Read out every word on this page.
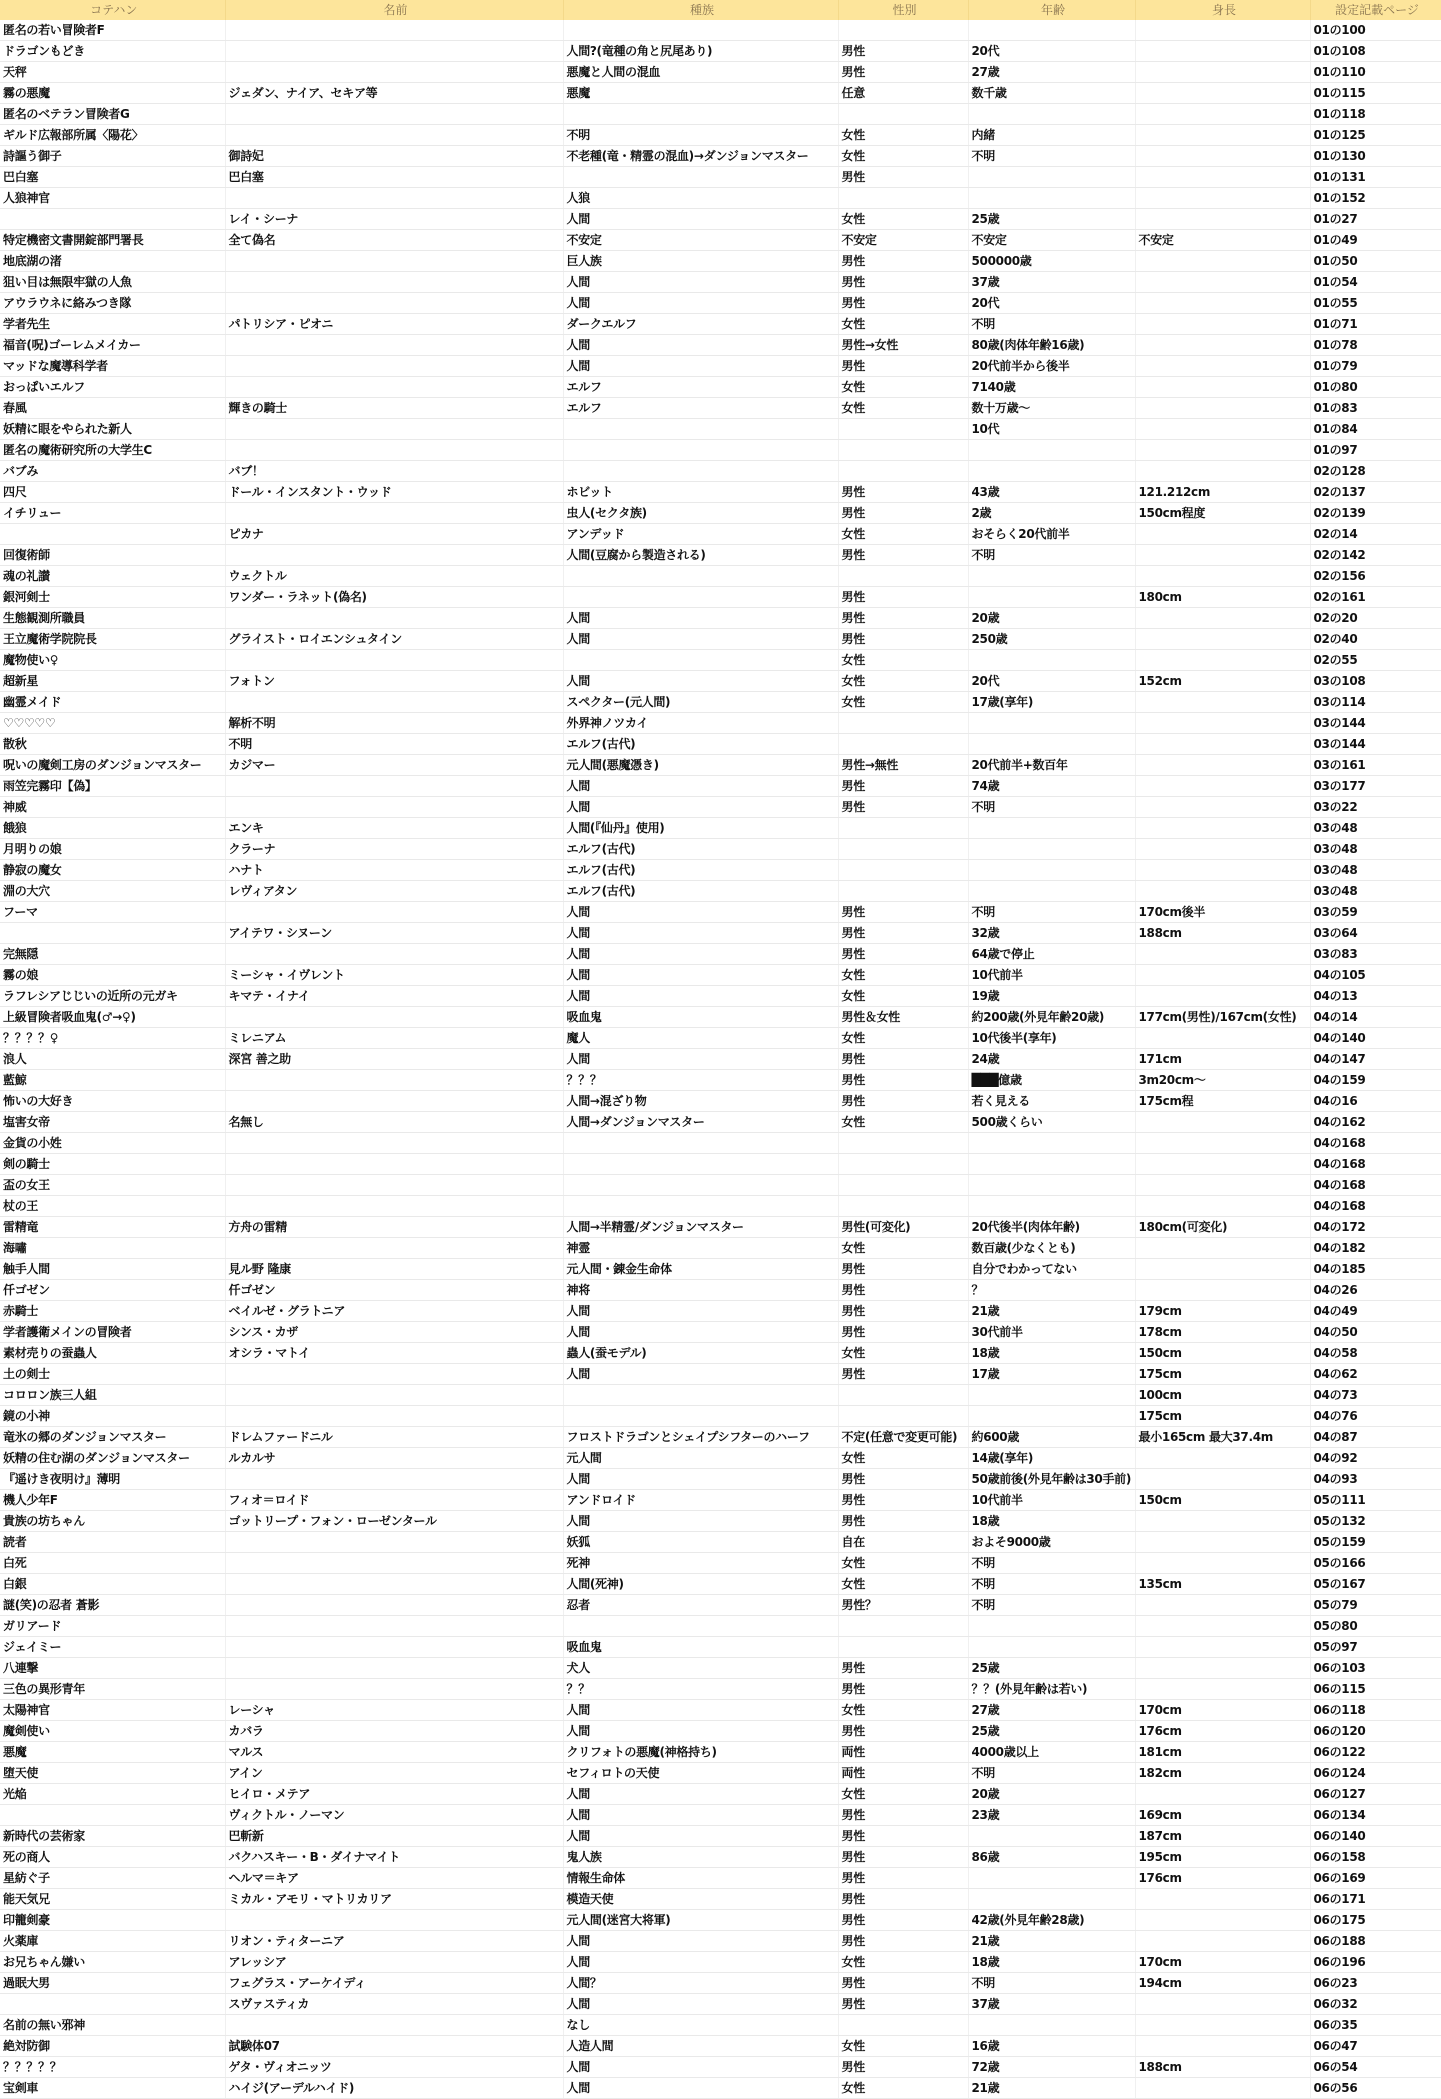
コテハン	名前	種族	性別	年齢	身長	設定記載ページ
匿名の若い冒険者F						01の100
ドラゴンもどき		人間?(竜種の角と尻尾あり)	男性	20代		01の108
天秤		悪魔と人間の混血	男性	27歳		01の110
霧の悪魔	ジェダン、ナイア、セキア等	悪魔	任意	数千歳		01の115
匿名のベテラン冒険者G						01の118
ギルド広報部所属〈陽花〉		不明	女性	内緒		01の125
詩謳う御子	御詩妃	不老種(竜・精霊の混血)→ダンジョンマスター	女性	不明		01の130
巴白塞	巴白塞		男性			01の131
人狼神官		人狼				01の152
	レイ・シーナ	人間	女性	25歳		01の27
特定機密文書開錠部門署長	全て偽名	不安定	不安定	不安定	不安定	01の49
地底湖の渚		巨人族	男性	500000歳		01の50
狙い目は無限牢獄の人魚		人間	男性	37歳		01の54
アウラウネに絡みつき隊		人間	男性	20代		01の55
学者先生	パトリシア・ピオニ	ダークエルフ	女性	不明		01の71
福音(呪)ゴーレムメイカー		人間	男性→女性	80歳(肉体年齢16歳)		01の78
マッドな魔導科学者		人間	男性	20代前半から後半		01の79
おっぱいエルフ		エルフ	女性	7140歳		01の80
春風	輝きの騎士	エルフ	女性	数十万歳〜		01の83
妖精に眼をやられた新人				10代		01の84
匿名の魔術研究所の大学生C						01の97
バブみ	バブ！					02の128
四尺	ドール・インスタント・ウッド	ホビット	男性	43歳	121.212cm	02の137
イチリュー		虫人(セクタ族)	男性	2歳	150cm程度	02の139
	ピカナ	アンデッド	女性	おそらく20代前半		02の14
回復術師		人間(豆腐から製造される)	男性	不明		02の142
魂の礼讃	ウェクトル					02の156
銀河剣士	ワンダー・ラネット(偽名)		男性		180cm	02の161
生態観測所職員		人間	男性	20歳		02の20
王立魔術学院院長	グライスト・ロイエンシュタイン	人間	男性	250歳		02の40
魔物使い♀			女性			02の55
超新星	フォトン	人間	女性	20代	152cm	03の108
幽霊メイド		スペクター(元人間)	女性	17歳(享年)		03の114
♡♡♡♡♡	解析不明	外界神ノツカイ				03の144
散秋	不明	エルフ(古代)				03の144
呪いの魔剣工房のダンジョンマスター	カジマー	元人間(悪魔憑き)	男性→無性	20代前半+数百年		03の161
雨笠完霧印【偽】		人間	男性	74歳		03の177
神威		人間	男性	不明		03の22
餓狼	エンキ	人間(『仙丹』使用)				03の48
月明りの娘	クラーナ	エルフ(古代)				03の48
静寂の魔女	ハナト	エルフ(古代)				03の48
淵の大穴	レヴィアタン	エルフ(古代)				03の48
フーマ		人間	男性	不明	170cm後半	03の59
	アイテワ・シヌーン	人間	男性	32歳	188cm	03の64
完無隠		人間	男性	64歳で停止		03の83
霧の娘	ミーシャ・イヴレント	人間	女性	10代前半		04の105
ラフレシアじじいの近所の元ガキ	キマテ・イナイ	人間	女性	19歳		04の13
上級冒険者吸血鬼(♂→♀)		吸血鬼	男性＆女性	約200歳(外見年齢20歳)	177cm(男性)/167cm(女性)	04の14
？？？？♀	ミレニアム	魔人	女性	10代後半(享年)		04の140
浪人	深宮 善之助	人間	男性	24歳	171cm	04の147
藍鯨		？？？	男性	███億歳	3m20cm〜	04の159
怖いの大好き		人間→混ざり物	男性	若く見える	175cm程	04の16
塩害女帝	名無し	人間→ダンジョンマスター	女性	500歳くらい		04の162
金貨の小姓						04の168
剣の騎士						04の168
盃の女王						04の168
杖の王						04の168
雷精竜	方舟の雷精	人間→半精霊/ダンジョンマスター	男性(可変化)	20代後半(肉体年齢)	180cm(可変化)	04の172
海嘯		神霊	女性	数百歳(少なくとも)		04の182
触手人間	見ル野 隆康	元人間・錬金生命体	男性	自分でわかってない		04の185
仟ゴゼン	仟ゴゼン	神将	男性	？		04の26
赤騎士	ベイルゼ・グラトニア	人間	男性	21歳	179cm	04の49
学者護衛メインの冒険者	シンス・カザ	人間	男性	30代前半	178cm	04の50
素材売りの蚕蟲人	オシラ・マトイ	蟲人(蚕モデル)	女性	18歳	150cm	04の58
土の剣士		人間	男性	17歳	175cm	04の62
コロロン族三人組					100cm	04の73
鏡の小神					175cm	04の76
竜氷の郷のダンジョンマスター	ドレムファードニル	フロストドラゴンとシェイプシフターのハーフ	不定(任意で変更可能)	約600歳	最小165cm 最大37.4m	04の87
妖精の住む湖のダンジョンマスター	ルカルサ	元人間	女性	14歳(享年)		04の92
『遥けき夜明け』薄明		人間	男性	50歳前後(外見年齢は30手前)		04の93
機人少年F	フィオ＝ロイド	アンドロイド	男性	10代前半	150cm	05の111
貴族の坊ちゃん	ゴットリープ・フォン・ローゼンタール	人間	男性	18歳		05の132
読者		妖狐	自在	およそ9000歳		05の159
白死		死神	女性	不明		05の166
白銀		人間(死神)	女性	不明	135cm	05の167
謎(笑)の忍者 蒼影		忍者	男性？	不明		05の79
ガリアード						05の80
ジェイミー		吸血鬼				05の97
八連撃		犬人	男性	25歳		06の103
三色の異形青年		？？	男性	？？(外見年齢は若い)		06の115
太陽神官	レーシャ	人間	女性	27歳	170cm	06の118
魔剣使い	カバラ	人間	男性	25歳	176cm	06の120
悪魔	マルス	クリフォトの悪魔(神格持ち)	両性	4000歳以上	181cm	06の122
堕天使	アイン	セフィロトの天使	両性	不明	182cm	06の124
光焔	ヒイロ・メテア	人間	女性	20歳		06の127
	ヴィクトル・ノーマン	人間	男性	23歳	169cm	06の134
新時代の芸術家	巴斬新	人間	男性		187cm	06の140
死の商人	バクハスキー・B・ダイナマイト	鬼人族	男性	86歳	195cm	06の158
星紡ぐ子	ヘルマ＝キア	情報生命体	男性		176cm	06の169
能天気兄	ミカル・アモリ・マトリカリア	模造天使	男性			06の171
印籠剣豪		元人間(迷宮大将軍)	男性	42歳(外見年齢28歳)		06の175
火薬庫	リオン・ティターニア	人間	男性	21歳		06の188
お兄ちゃん嫌い	アレッシア	人間	女性	18歳	170cm	06の196
過眠大男	フェグラス・アーケイディ	人間？	男性	不明	194cm	06の23
	スヴァスティカ	人間	男性	37歳		06の32
名前の無い邪神		なし				06の35
絶対防御	試験体07	人造人間	女性	16歳		06の47
？？？？？	ゲタ・ヴィオニッツ	人間	男性	72歳	188cm	06の54
宝剣車	ハイジ(アーデルハイド)	人間	女性	21歳		06の56
